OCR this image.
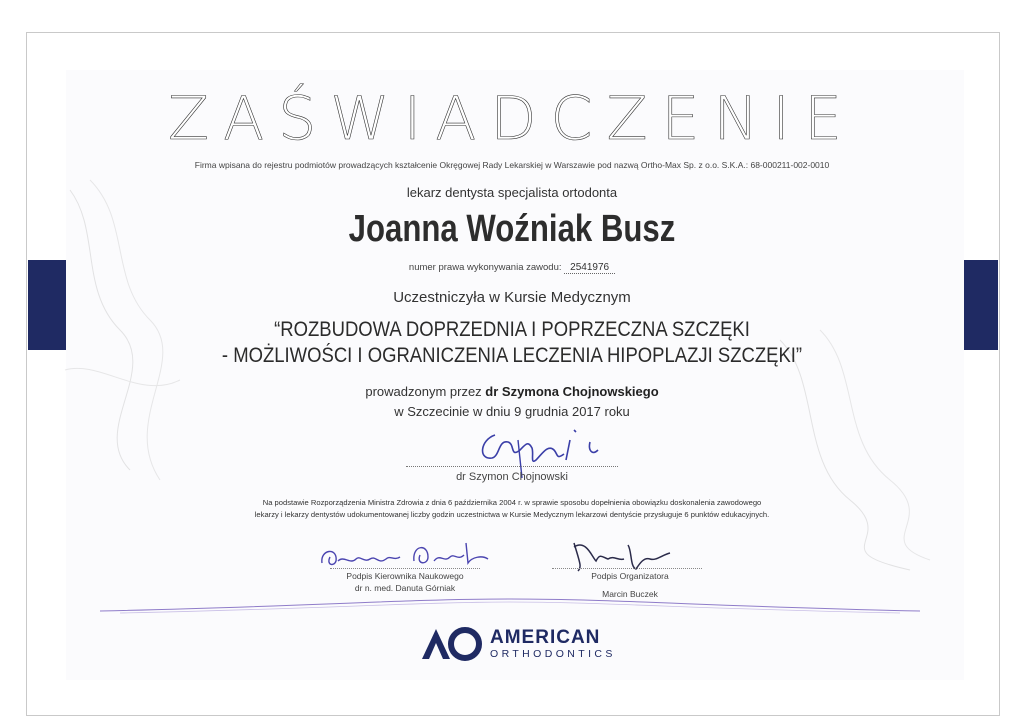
ZAŚWIADCZENIE
Firma wpisana do rejestru podmiotów prowadzących kształcenie Okręgowej Rady Lekarskiej w Warszawie pod nazwą Ortho-Max Sp. z o.o. S.K.A.: 68-000211-002-0010
lekarz dentysta specjalista ortodonta
Joanna Woźniak Busz
numer prawa wykonywania zawodu: 2541976
Uczestniczyła w Kursie Medycznym
“ROZBUDOWA DOPRZEDNIA I POPRZECZNA SZCZĘKI
- MOŻLIWOŚCI I OGRANICZENIA LECZENIA HIPOPLAZJI SZCZĘKI”
prowadzonym przez dr Szymona Chojnowskiego
w Szczecinie w dniu 9 grudnia 2017 roku
dr Szymon Chojnowski
Na podstawie Rozporządzenia Ministra Zdrowia z dnia 6 października 2004 r. w sprawie sposobu dopełnienia obowiązku doskonalenia zawodowego
lekarzy i lekarzy dentystów udokumentowanej liczby godzin uczestnictwa w Kursie Medycznym lekarzowi dentyście przysługuje 6 punktów edukacyjnych.
Podpis Kierownika Naukowego
dr n. med. Danuta Górniak
Podpis Organizatora
Marcin Buczek
AMERICAN
ORTHODONTICS
